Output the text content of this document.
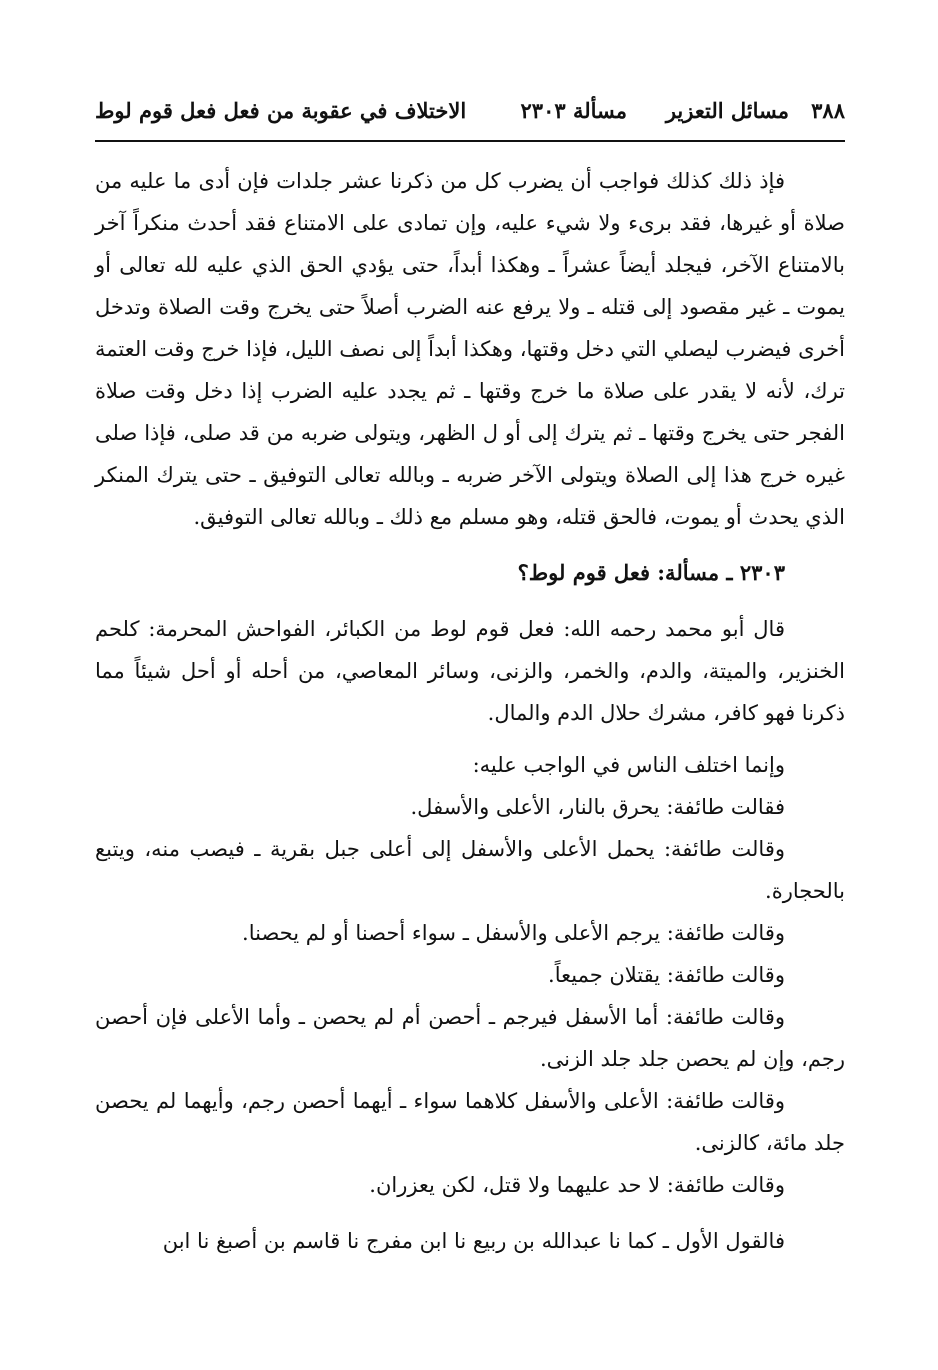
٣٨٨
مسائل التعزير
مسألة ٢٣٠٣
الاختلاف في عقوبة من فعل فعل قوم لوط

فإذ ذلك كذلك فواجب أن يضرب كل من ذكرنا عشر جلدات فإن أدى ما عليه من صلاة أو غيرها، فقد برىء ولا شيء عليه، وإن تمادى على الامتناع فقد أحدث منكراً آخر بالامتناع الآخر، فيجلد أيضاً عشراً ـ وهكذا أبداً، حتى يؤدي الحق الذي عليه لله تعالى أو يموت ـ غير مقصود إلى قتله ـ ولا يرفع عنه الضرب أصلاً حتى يخرج وقت الصلاة وتدخل أخرى فيضرب ليصلي التي دخل وقتها، وهكذا أبداً إلى نصف الليل، فإذا خرج وقت العتمة ترك، لأنه لا يقدر على صلاة ما خرج وقتها ـ ثم يجدد عليه الضرب إذا دخل وقت صلاة الفجر حتى يخرج وقتها ـ ثم يترك إلى أو ل الظهر، ويتولى ضربه من قد صلى، فإذا صلى غيره خرج هذا إلى الصلاة ويتولى الآخر ضربه ـ وبالله تعالى التوفيق ـ حتى يترك المنكر الذي يحدث أو يموت، فالحق قتله، وهو مسلم مع ذلك ـ وبالله تعالى التوفيق.

٢٣٠٣ ـ مسألة: فعل قوم لوط؟

قال أبو محمد رحمه الله: فعل قوم لوط من الكبائر، الفواحش المحرمة: كلحم الخنزير، والميتة، والدم، والخمر، والزنى، وسائر المعاصي، من أحله أو أحل شيئاً مما ذكرنا فهو كافر، مشرك حلال الدم والمال.

وإنما اختلف الناس في الواجب عليه:

فقالت طائفة: يحرق بالنار، الأعلى والأسفل.

وقالت طائفة: يحمل الأعلى والأسفل إلى أعلى جبل بقرية ـ فيصب منه، ويتبع بالحجارة.

وقالت طائفة: يرجم الأعلى والأسفل ـ سواء أحصنا أو لم يحصنا.

وقالت طائفة: يقتلان جميعاً.

وقالت طائفة: أما الأسفل فيرجم ـ أحصن أم لم يحصن ـ وأما الأعلى فإن أحصن رجم، وإن لم يحصن جلد جلد الزنى.

وقالت طائفة: الأعلى والأسفل كلاهما سواء ـ أيهما أحصن رجم، وأيهما لم يحصن جلد مائة، كالزنى.

وقالت طائفة: لا حد عليهما ولا قتل، لكن يعزران.

فالقول الأول ـ كما نا عبدالله بن ربيع نا ابن مفرج نا قاسم بن أصبغ نا ابن
